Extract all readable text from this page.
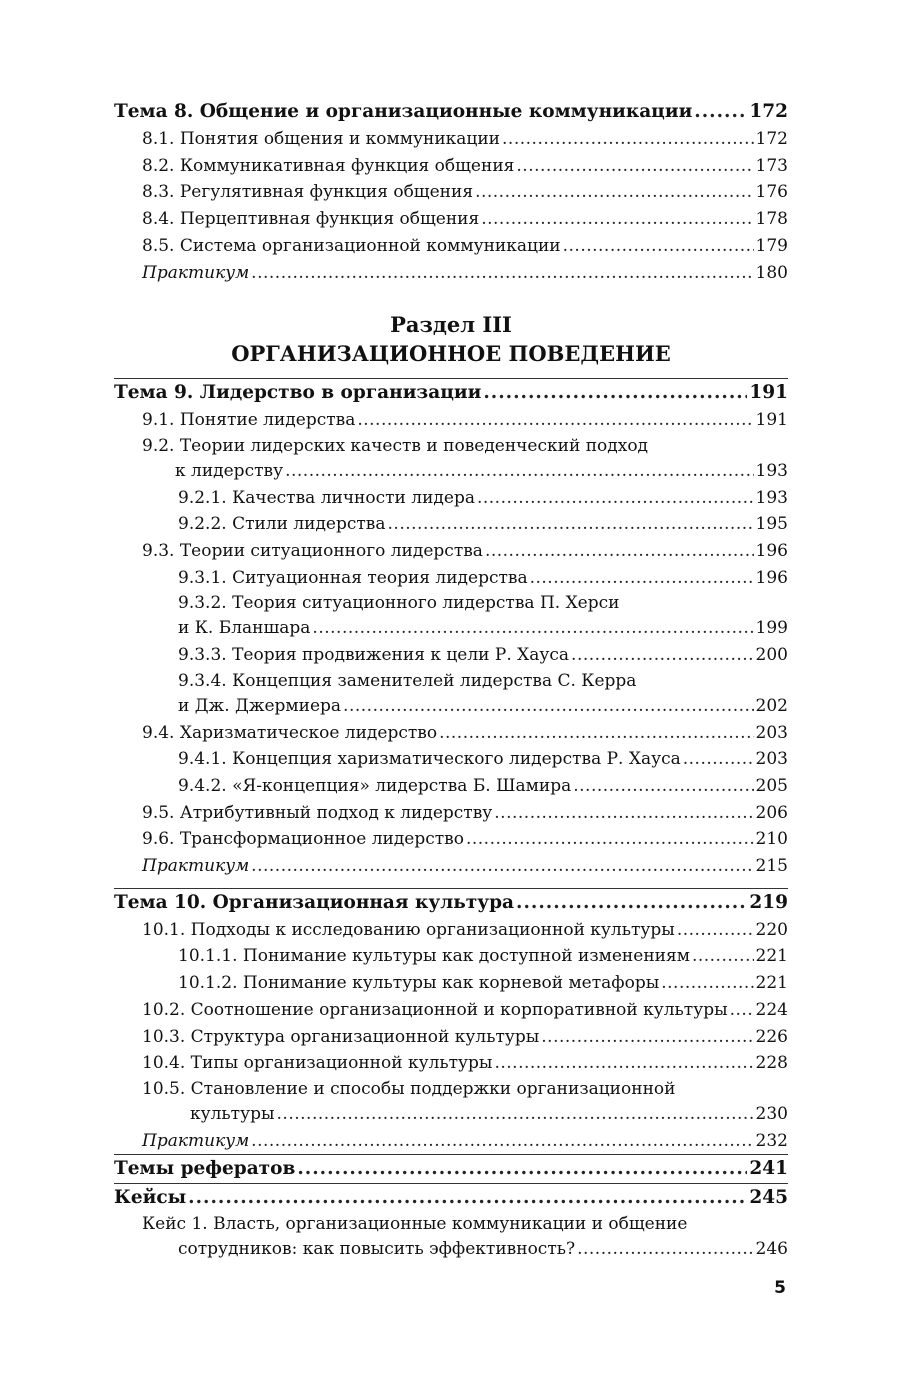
Тема 8. Общение и организационные коммуникации .....	172
8.1. Понятия общения и коммуникации .....	172
8.2. Коммуникативная функция общения .....	173
8.3. Регулятивная функция общения .....	176
8.4. Перцептивная функция общения .....	178
8.5. Система организационной коммуникации .....	179
Практикум .....	180
Раздел III
ОРГАНИЗАЦИОННОЕ ПОВЕДЕНИЕ
Тема 9. Лидерство в организации .....	191
9.1. Понятие лидерства .....	191
9.2. Теории лидерских качеств и поведенческий подход
к лидерству .....	193
9.2.1. Качества личности лидера .....	193
9.2.2. Стили лидерства .....	195
9.3. Теории ситуационного лидерства .....	196
9.3.1. Ситуационная теория лидерства .....	196
9.3.2. Теория ситуационного лидерства П. Херси
и К. Бланшара .....	199
9.3.3. Теория продвижения к цели Р. Хауса .....	200
9.3.4. Концепция заменителей лидерства С. Керра
и Дж. Джермиера .....	202
9.4. Харизматическое лидерство .....	203
9.4.1. Концепция харизматического лидерства Р. Хауса .....	203
9.4.2. «Я-концепция» лидерства Б. Шамира .....	205
9.5. Атрибутивный подход к лидерству .....	206
9.6. Трансформационное лидерство .....	210
Практикум .....	215
Тема 10. Организационная культура .....	219
10.1. Подходы к исследованию организационной культуры .....	220
10.1.1. Понимание культуры как доступной изменениям .....	221
10.1.2. Понимание культуры как корневой метафоры .....	221
10.2. Соотношение организационной и корпоративной культуры ..... 224
10.3. Структура организационной культуры .....	226
10.4. Типы организационной культуры .....	228
10.5. Становление и способы поддержки организационной
культуры .....	230
Практикум .....	232
Темы рефератов .....	241
Кейсы .....	245
Кейс 1. Власть, организационные коммуникации и общение
сотрудников: как повысить эффективность? .....	246
5
